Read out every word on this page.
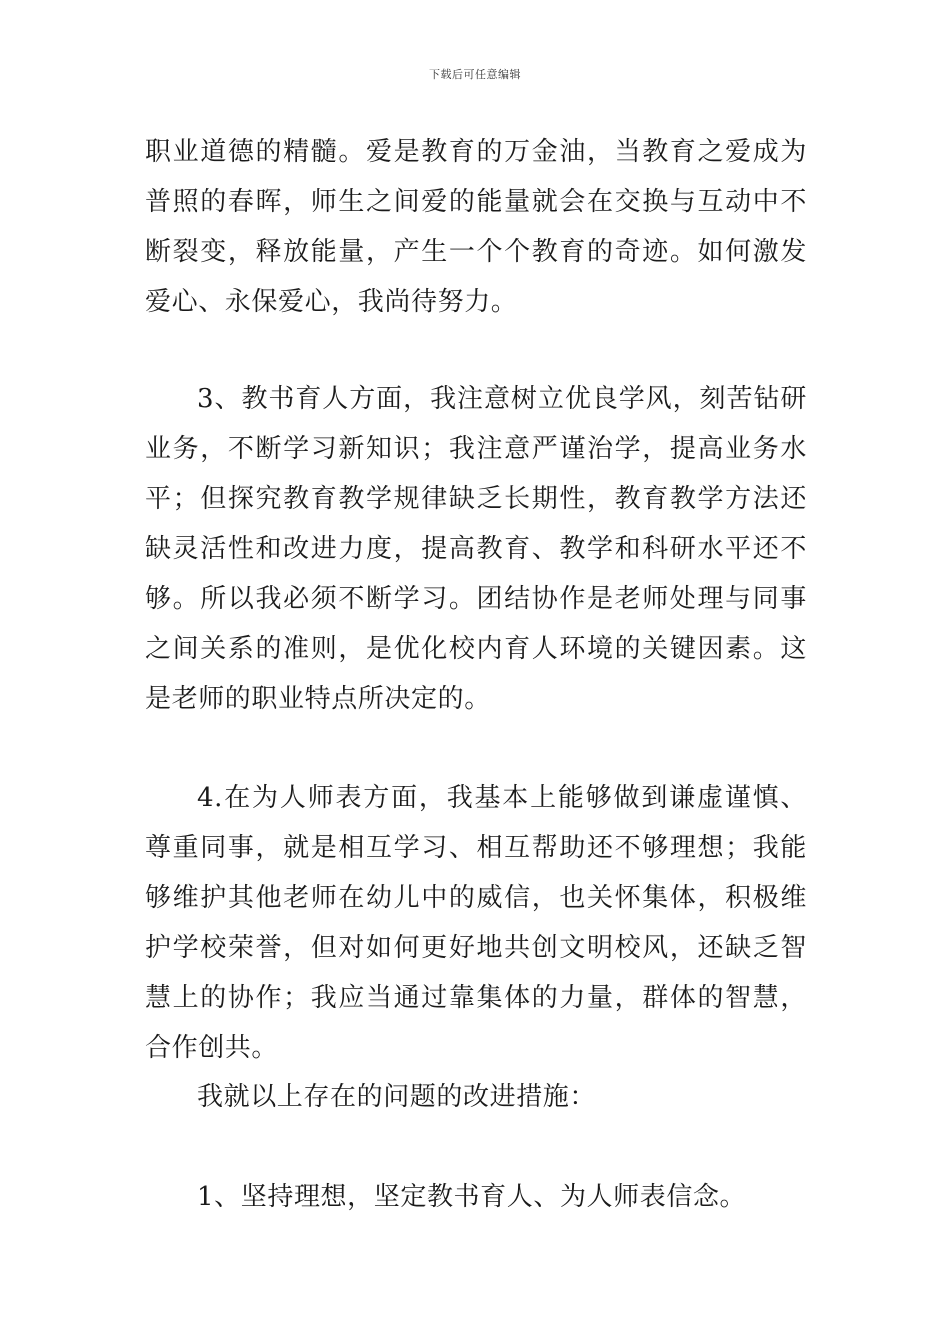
下载后可任意编辑

职业道德的精髓。爱是教育的万金油，当教育之爱成为普照的春晖，师生之间爱的能量就会在交换与互动中不断裂变，释放能量，产生一个个教育的奇迹。如何激发爱心、永保爱心，我尚待努力。

3、教书育人方面，我注意树立优良学风，刻苦钻研业务，不断学习新知识；我注意严谨治学，提高业务水平；但探究教育教学规律缺乏长期性，教育教学方法还缺灵活性和改进力度，提高教育、教学和科研水平还不够。所以我必须不断学习。团结协作是老师处理与同事之间关系的准则，是优化校内育人环境的关键因素。这是老师的职业特点所决定的。

4.在为人师表方面，我基本上能够做到谦虚谨慎、尊重同事，就是相互学习、相互帮助还不够理想；我能够维护其他老师在幼儿中的威信，也关怀集体，积极维护学校荣誉，但对如何更好地共创文明校风，还缺乏智慧上的协作；我应当通过靠集体的力量，群体的智慧，合作创共。

我就以上存在的问题的改进措施：

1、坚持理想，坚定教书育人、为人师表信念。
